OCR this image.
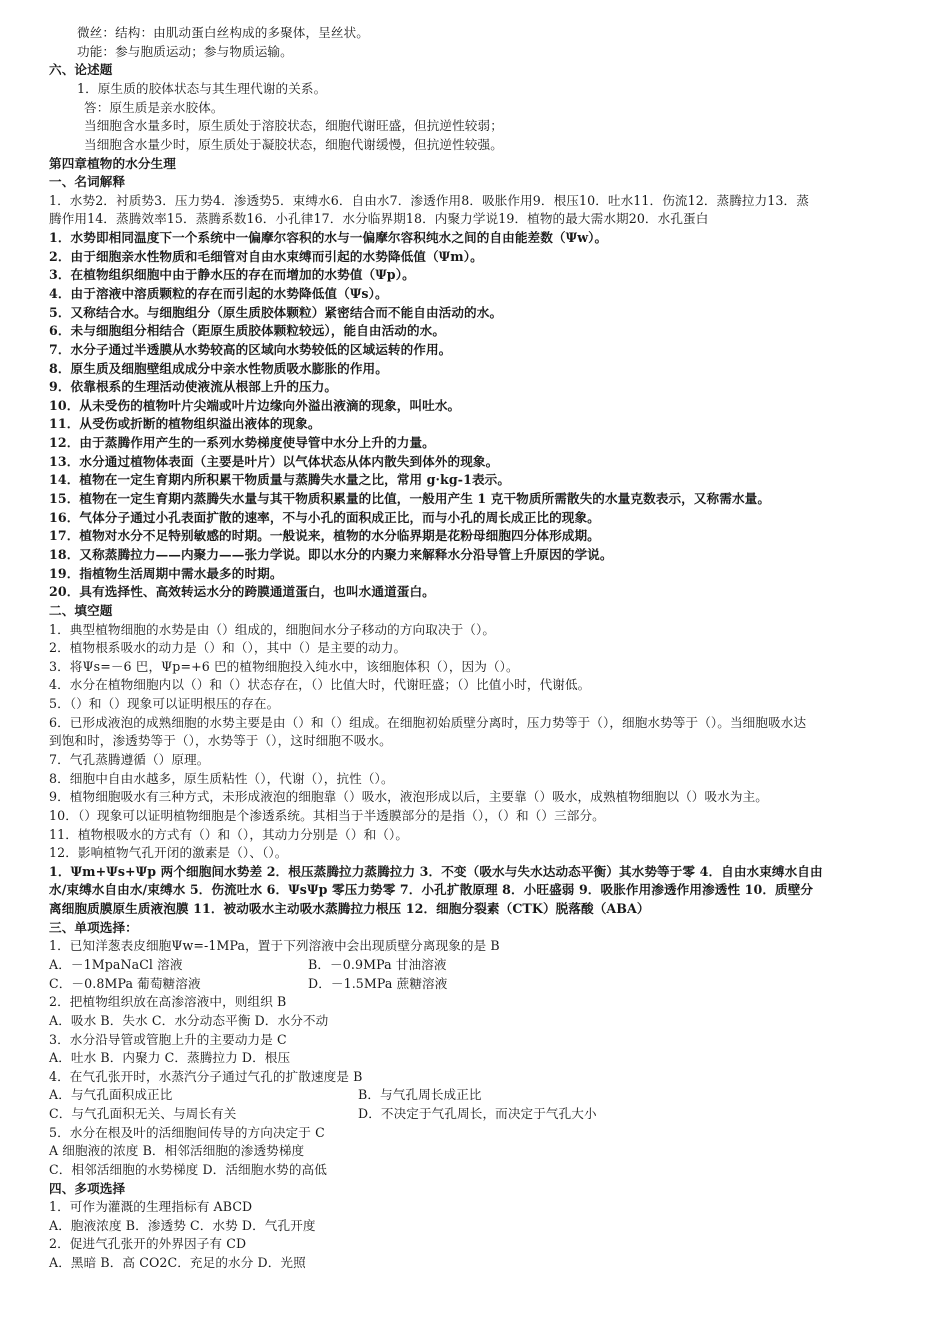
微丝：结构：由肌动蛋白丝构成的多聚体，呈丝状。
功能：参与胞质运动；参与物质运输。
六、论述题
1．原生质的胶体状态与其生理代谢的关系。
答：原生质是亲水胶体。
当细胞含水量多时，原生质处于溶胶状态，细胞代谢旺盛，但抗逆性较弱；
当细胞含水量少时，原生质处于凝胶状态，细胞代谢缓慢，但抗逆性较强。
第四章植物的水分生理
一、名词解释
1．水势2．衬质势3．压力势4．渗透势5．束缚水6．自由水7．渗透作用8．吸胀作用9．根压10．吐水11．伤流12．蒸腾拉力13．蒸
腾作用14．蒸腾效率15．蒸腾系数16．小孔律17．水分临界期18．内聚力学说19．植物的最大需水期20．水孔蛋白
1．水势即相同温度下一个系统中一偏摩尔容积的水与一偏摩尔容积纯水之间的自由能差数（Ψw）。
2．由于细胞亲水性物质和毛细管对自由水束缚而引起的水势降低值（Ψm）。
3．在植物组织细胞中由于静水压的存在而增加的水势值（Ψp）。
4．由于溶液中溶质颗粒的存在而引起的水势降低值（Ψs）。
5．又称结合水。与细胞组分（原生质胶体颗粒）紧密结合而不能自由活动的水。
6．未与细胞组分相结合（距原生质胶体颗粒较远），能自由活动的水。
7．水分子通过半透膜从水势较高的区域向水势较低的区域运转的作用。
8．原生质及细胞壁组成成分中亲水性物质吸水膨胀的作用。
9．依靠根系的生理活动使液流从根部上升的压力。
10．从未受伤的植物叶片尖端或叶片边缘向外溢出液滴的现象，叫吐水。
11．从受伤或折断的植物组织溢出液体的现象。
12．由于蒸腾作用产生的一系列水势梯度使导管中水分上升的力量。
13．水分通过植物体表面（主要是叶片）以气体状态从体内散失到体外的现象。
14．植物在一定生育期内所积累干物质量与蒸腾失水量之比，常用 g·kg-1表示。
15．植物在一定生育期内蒸腾失水量与其干物质积累量的比值，一般用产生 1 克干物质所需散失的水量克数表示，又称需水量。
16．气体分子通过小孔表面扩散的速率，不与小孔的面积成正比，而与小孔的周长成正比的现象。
17．植物对水分不足特别敏感的时期。一般说来，植物的水分临界期是花粉母细胞四分体形成期。
18．又称蒸腾拉力——内聚力——张力学说。即以水分的内聚力来解释水分沿导管上升原因的学说。
19．指植物生活周期中需水最多的时期。
20．具有选择性、高效转运水分的跨膜通道蛋白，也叫水通道蛋白。
二、填空题
1．典型植物细胞的水势是由（）组成的，细胞间水分子移动的方向取决于（）。
2．植物根系吸水的动力是（）和（），其中（）是主要的动力。
3．将Ψs=－6 巴，Ψp=+6 巴的植物细胞投入纯水中，该细胞体积（），因为（）。
4．水分在植物细胞内以（）和（）状态存在，（）比值大时，代谢旺盛；（）比值小时，代谢低。
5．（）和（）现象可以证明根压的存在。
6．已形成液泡的成熟细胞的水势主要是由（）和（）组成。在细胞初始质壁分离时，压力势等于（），细胞水势等于（）。当细胞吸水达
到饱和时，渗透势等于（），水势等于（），这时细胞不吸水。
7．气孔蒸腾遵循（）原理。
8．细胞中自由水越多，原生质粘性（），代谢（），抗性（）。
9．植物细胞吸水有三种方式，未形成液泡的细胞靠（）吸水，液泡形成以后，主要靠（）吸水，成熟植物细胞以（）吸水为主。
10．（）现象可以证明植物细胞是个渗透系统。其相当于半透膜部分的是指（），（）和（）三部分。
11．植物根吸水的方式有（）和（），其动力分别是（）和（）。
12．影响植物气孔开闭的激素是（）、（）。
1．Ψm+Ψs+Ψp 两个细胞间水势差 2．根压蒸腾拉力蒸腾拉力 3．不变（吸水与失水达动态平衡）其水势等于零 4．自由水束缚水自由
水/束缚水自由水/束缚水 5．伤流吐水 6．ΨsΨp 零压力势零 7．小孔扩散原理 8．小旺盛弱 9．吸胀作用渗透作用渗透性 10．质壁分
离细胞质膜原生质液泡膜 11．被动吸水主动吸水蒸腾拉力根压 12．细胞分裂素（CTK）脱落酸（ABA）
三、单项选择：
1．已知洋葱表皮细胞Ψw=-1MPa，置于下列溶液中会出现质壁分离现象的是 B
A．－1MpaNaCl 溶液	B．－0.9MPa 甘油溶液
C．－0.8MPa 葡萄糖溶液	D．－1.5MPa 蔗糖溶液
2．把植物组织放在高渗溶液中，则组织 B
A．吸水 B．失水 C．水分动态平衡 D．水分不动
3．水分沿导管或管胞上升的主要动力是 C
A．吐水 B．内聚力 C．蒸腾拉力 D．根压
4．在气孔张开时，水蒸汽分子通过气孔的扩散速度是 B
A．与气孔面积成正比	B．与气孔周长成正比
C．与气孔面积无关、与周长有关	D．不决定于气孔周长，而决定于气孔大小
5．水分在根及叶的活细胞间传导的方向决定于 C
A 细胞液的浓度 B．相邻活细胞的渗透势梯度
C．相邻活细胞的水势梯度 D．活细胞水势的高低
四、多项选择
1．可作为灌溉的生理指标有 ABCD
A．胞液浓度 B．渗透势 C．水势 D．气孔开度
2．促进气孔张开的外界因子有 CD
A．黑暗 B．高 CO2C．充足的水分 D．光照
